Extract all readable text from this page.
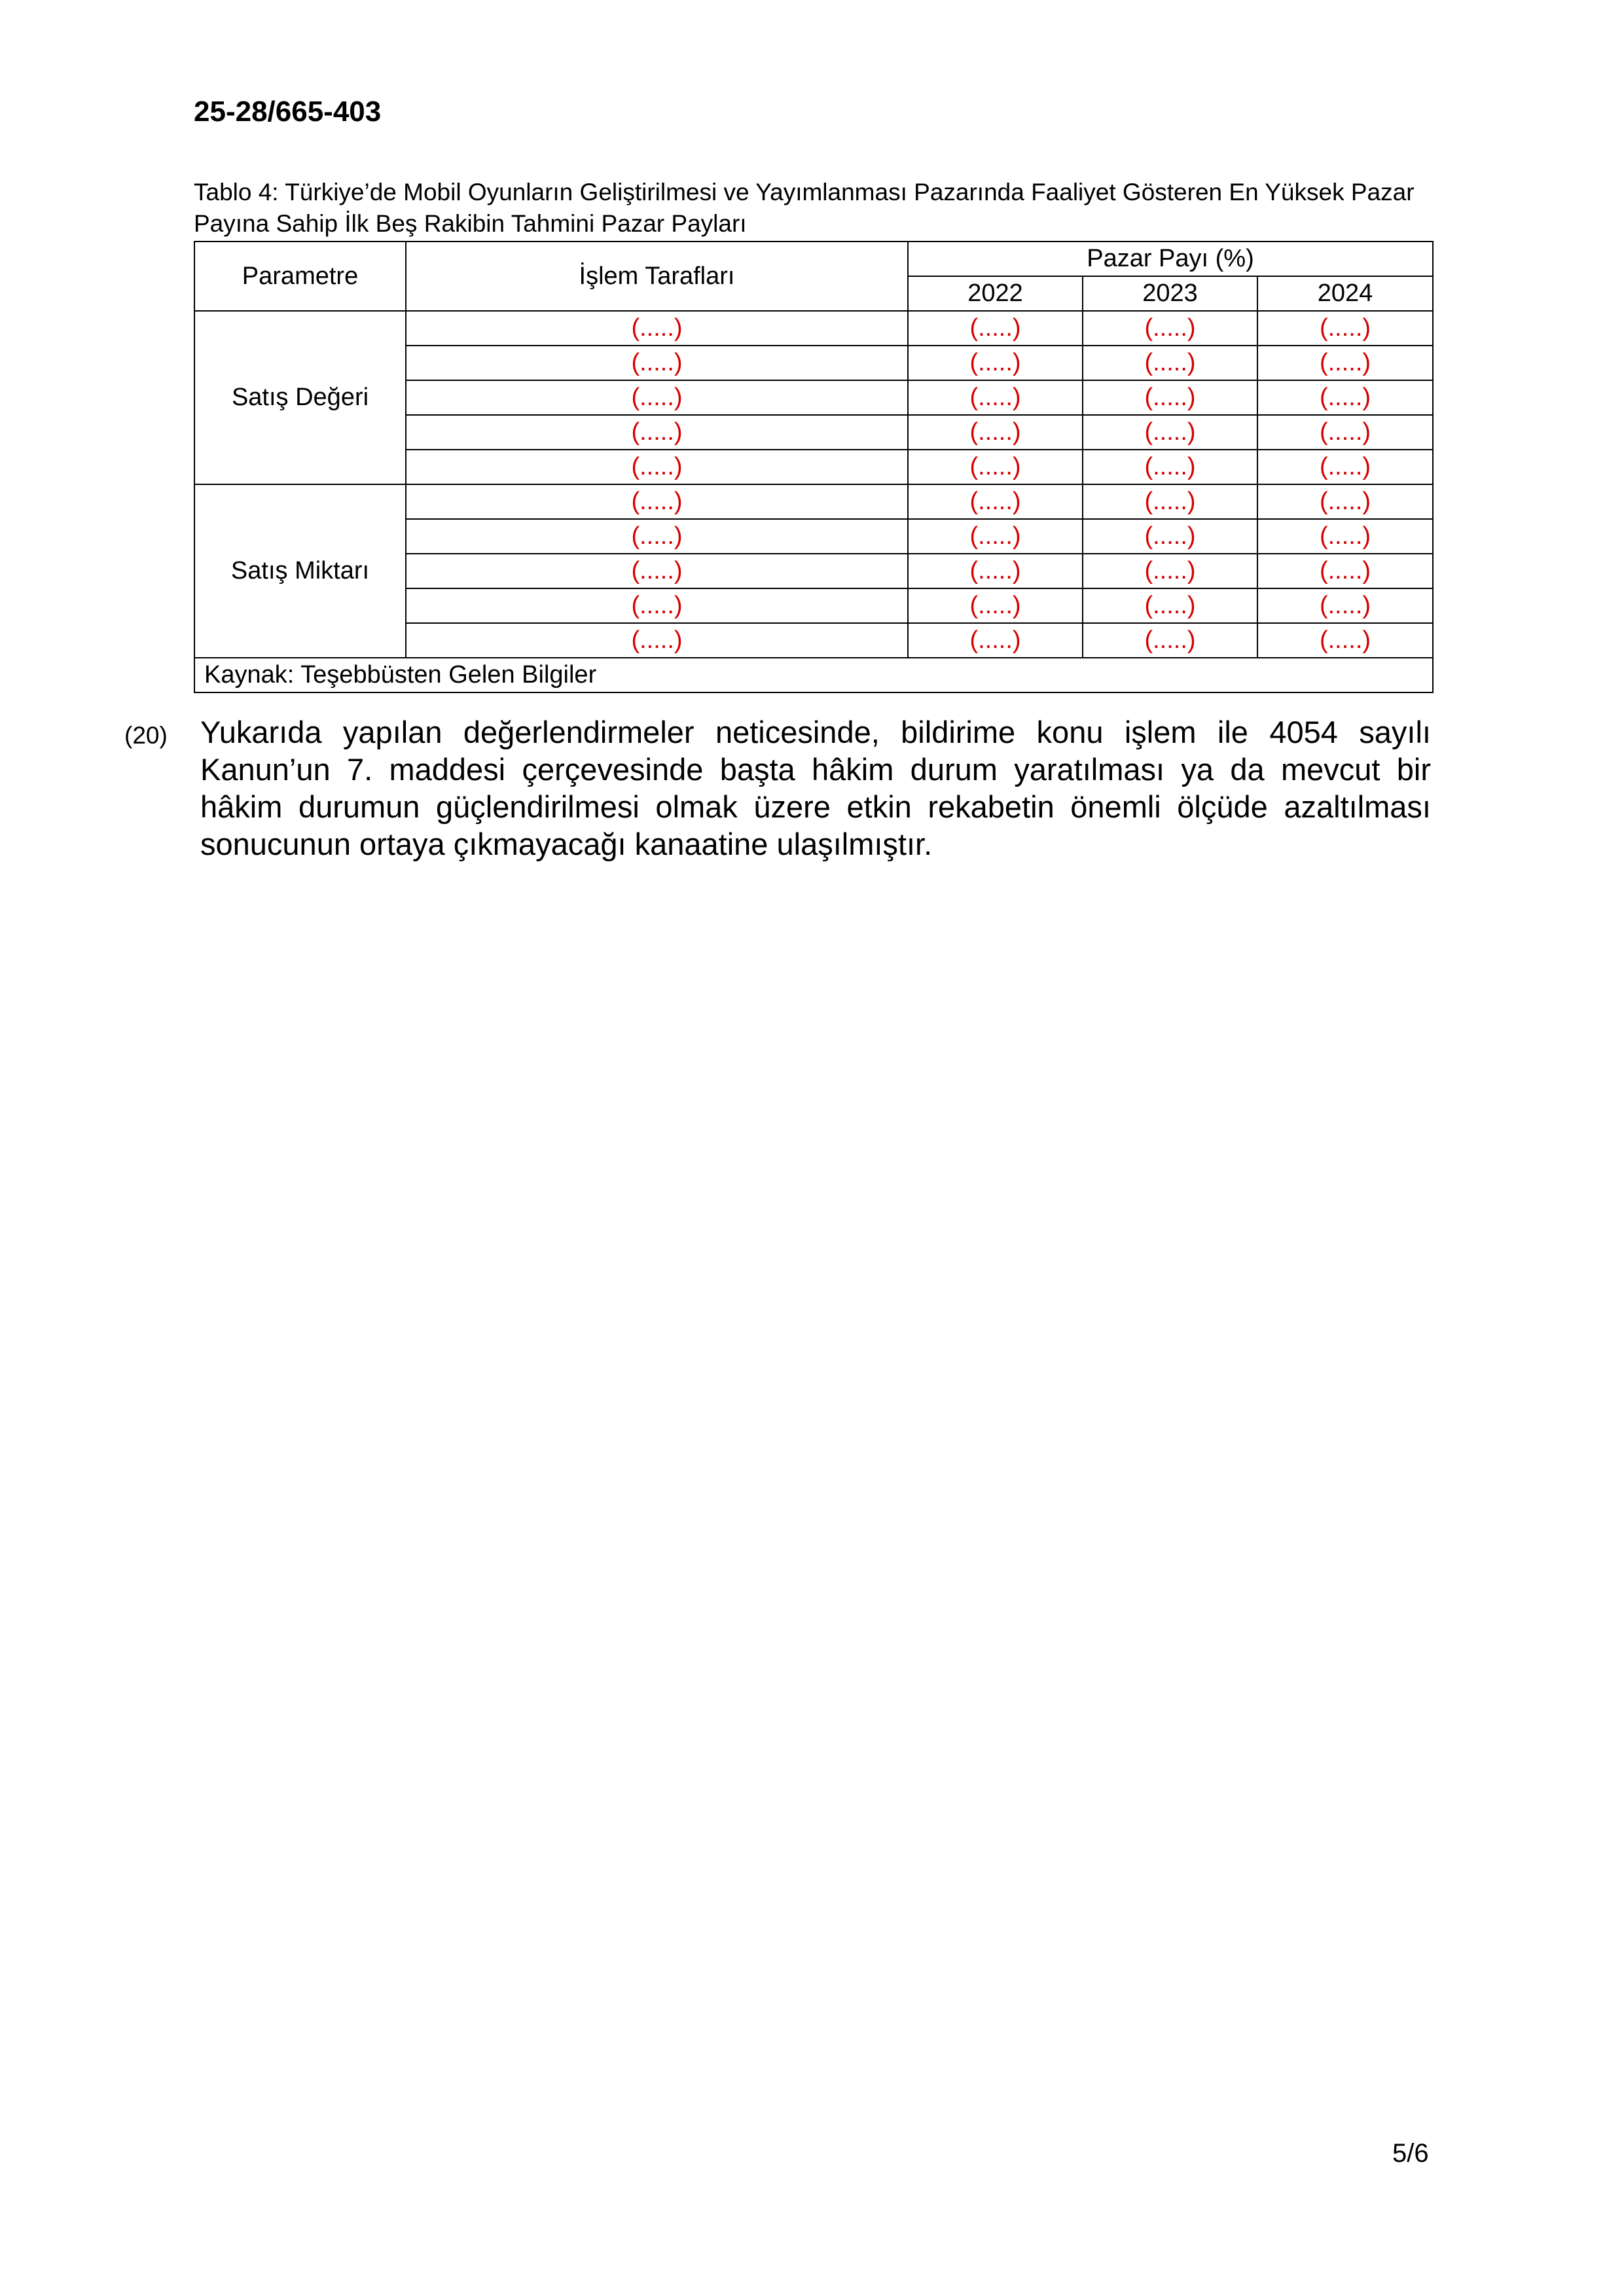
25-28/665-403
Tablo 4: Türkiye’de Mobil Oyunların Geliştirilmesi ve Yayımlanması Pazarında Faaliyet Gösteren En Yüksek Pazar Payına Sahip İlk Beş Rakibin Tahmini Pazar Payları
Parametre	İşlem Tarafları	Pazar Payı (%)		
		2022	2023	2024
Satış Değeri	(.....)	(.....)	(.....)	(.....)
	(.....)	(.....)	(.....)	(.....)
	(.....)	(.....)	(.....)	(.....)
	(.....)	(.....)	(.....)	(.....)
	(.....)	(.....)	(.....)	(.....)
Satış Miktarı	(.....)	(.....)	(.....)	(.....)
	(.....)	(.....)	(.....)	(.....)
	(.....)	(.....)	(.....)	(.....)
	(.....)	(.....)	(.....)	(.....)
	(.....)	(.....)	(.....)	(.....)
Kaynak: Teşebbüsten Gelen Bilgiler				
(20) Yukarıda yapılan değerlendirmeler neticesinde, bildirime konu işlem ile 4054 sayılı Kanun’un 7. maddesi çerçevesinde başta hâkim durum yaratılması ya da mevcut bir hâkim durumun güçlendirilmesi olmak üzere etkin rekabetin önemli ölçüde azaltılması sonucunun ortaya çıkmayacağı kanaatine ulaşılmıştır.
5/6
